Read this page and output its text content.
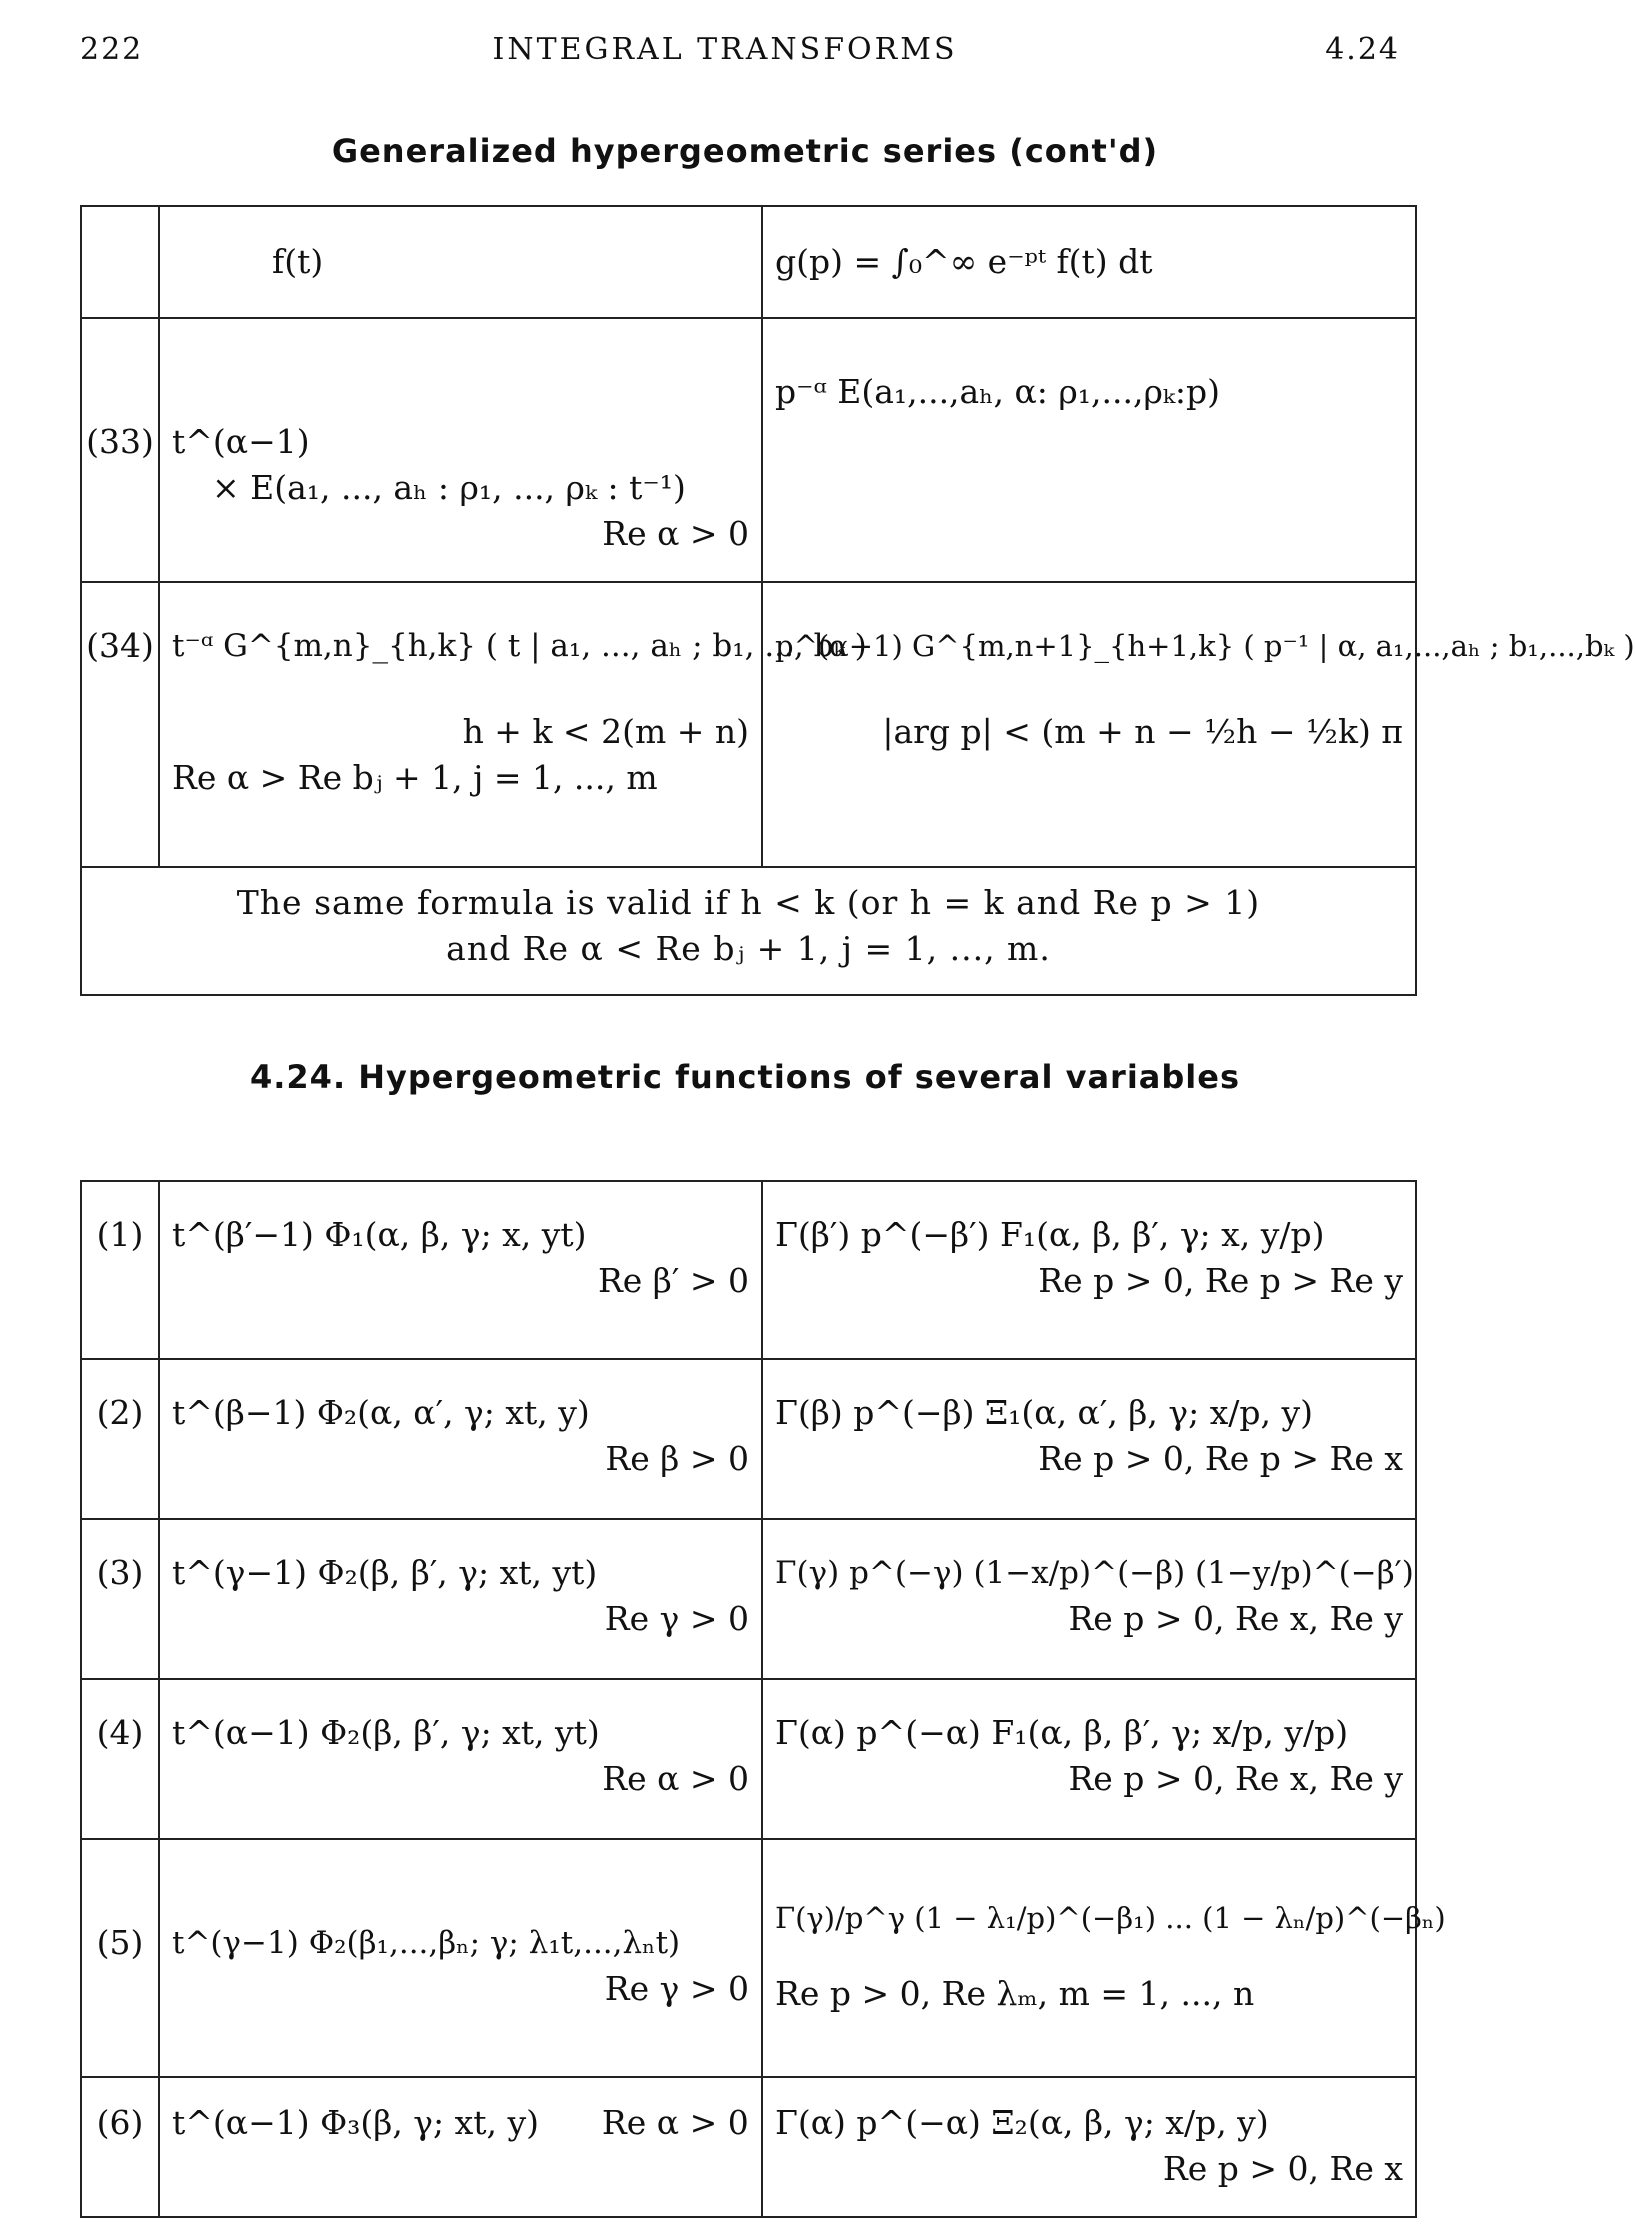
222	INTEGRAL TRANSFORMS	4.24
Generalized hypergeometric series (cont'd)

	f(t)	g(p) = ∫₀^∞ e⁻ᵖᵗ f(t) dt

(33)	t^(α−1)
× E(a₁, ..., aₕ : ρ₁, ..., ρₖ : t⁻¹)
Re α > 0	p⁻ᵅ E(a₁,...,aₕ, α: ρ₁,...,ρₖ:p)

(34)	t⁻ᵅ G^{m,n}_{h,k} ( t | a₁, ..., aₕ ; b₁, ..., bₖ )
h + k < 2(m + n)
Re α > Re bⱼ + 1, j = 1, ..., m	p^(α−1) G^{m,n+1}_{h+1,k} ( p⁻¹ | α, a₁,...,aₕ ; b₁,...,bₖ )
|arg p| < (m + n − ½h − ½k) π

The same formula is valid if h < k (or h = k and Re p > 1)
and Re α < Re bⱼ + 1, j = 1, ..., m.		
4.24. Hypergeometric functions of several variables
(1)	t^(β′−1) Φ₁(α, β, γ; x, yt)
Re β′ > 0	Γ(β′) p^(−β′) F₁(α, β, β′, γ; x, y/p)
Re p > 0, Re p > Re y

(2)	t^(β−1) Φ₂(α, α′, γ; xt, y)
Re β > 0	Γ(β) p^(−β) Ξ₁(α, α′, β, γ; x/p, y)
Re p > 0, Re p > Re x

(3)	t^(γ−1) Φ₂(β, β′, γ; xt, yt)
Re γ > 0	Γ(γ) p^(−γ) (1−x/p)^(−β) (1−y/p)^(−β′)
Re p > 0, Re x, Re y

(4)	t^(α−1) Φ₂(β, β′, γ; xt, yt)
Re α > 0	Γ(α) p^(−α) F₁(α, β, β′, γ; x/p, y/p)
Re p > 0, Re x, Re y

(5)	t^(γ−1) Φ₂(β₁,...,βₙ; γ; λ₁t,...,λₙt)
Re γ > 0	Γ(γ)/p^γ (1 − λ₁/p)^(−β₁) ... (1 − λₙ/p)^(−βₙ)
Re p > 0, Re λₘ, m = 1, ..., n

(6)	t^(α−1) Φ₃(β, γ; xt, y)      Re α > 0	Γ(α) p^(−α) Ξ₂(α, β, γ; x/p, y)
Re p > 0, Re x
